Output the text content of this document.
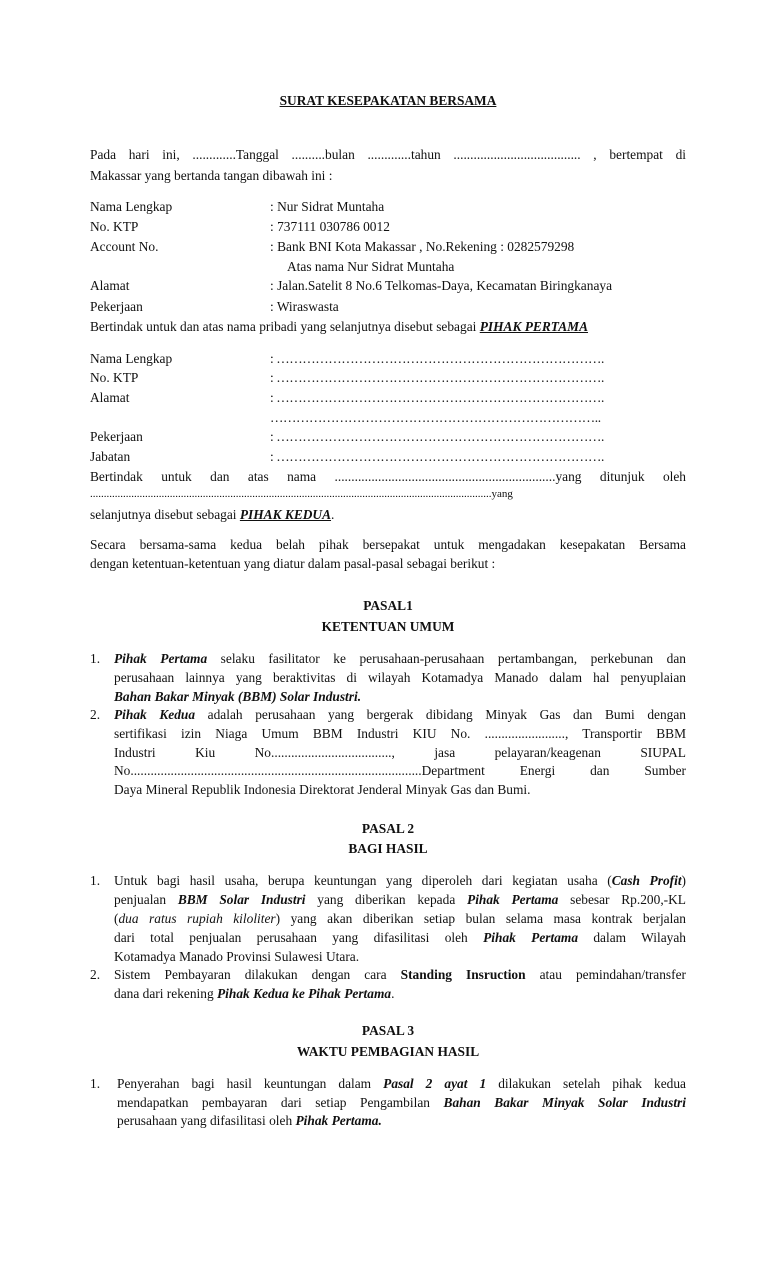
SURAT KESEPAKATAN BERSAMA
Pada hari ini, .............Tanggal ..........bulan .............tahun ...................................... , bertempat di
Makassar yang bertanda tangan dibawah ini :
Nama Lengkap	: Nur Sidrat Muntaha
No. KTP	: 737111 030786 0012
Account No.	: Bank BNI Kota Makassar , No.Rekening : 0282579298
Atas nama Nur Sidrat Muntaha
Alamat	: Jalan.Satelit 8 No.6 Telkomas-Daya, Kecamatan Biringkanaya
Pekerjaan	: Wiraswasta
Bertindak untuk dan atas nama pribadi yang selanjutnya disebut sebagai PIHAK PERTAMA
Nama Lengkap	: ………………………………………………………………….
No. KTP	: ………………………………………………………………….
Alamat	: ………………………………………………………………….
…………………………………………………………………..
Pekerjaan	: ………………………………………………………………….
Jabatan	: ………………………………………………………………….
Bertindak untuk dan atas nama ..................................................................yang ditunjuk oleh
..................................................................................................................................................yang
selanjutnya disebut sebagai PIHAK KEDUA.
Secara bersama-sama kedua belah pihak bersepakat untuk mengadakan kesepakatan Bersama
dengan ketentuan-ketentuan yang diatur dalam pasal-pasal sebagai berikut :
PASAL1
KETENTUAN UMUM
1. Pihak Pertama selaku fasilitator ke perusahaan-perusahaan pertambangan, perkebunan dan
perusahaan lainnya yang beraktivitas di wilayah Kotamadya Manado dalam hal penyuplaian
Bahan Bakar Minyak (BBM) Solar Industri.
2. Pihak Kedua adalah perusahaan yang bergerak dibidang Minyak Gas dan Bumi dengan
sertifikasi izin Niaga Umum BBM Industri KIU No. ........................, Transportir BBM
Industri Kiu No...................................., jasa pelayaran/keagenan SIUPAL
No.......................................................................................Department Energi dan Sumber
Daya Mineral Republik Indonesia Direktorat Jenderal Minyak Gas dan Bumi.
PASAL 2
BAGI HASIL
1. Untuk bagi hasil usaha, berupa keuntungan yang diperoleh dari kegiatan usaha (Cash Profit)
penjualan BBM Solar Industri yang diberikan kepada Pihak Pertama sebesar Rp.200,-KL
(dua ratus rupiah kiloliter) yang akan diberikan setiap bulan selama masa kontrak berjalan
dari total penjualan perusahaan yang difasilitasi oleh Pihak Pertama dalam Wilayah
Kotamadya Manado Provinsi Sulawesi Utara.
2. Sistem Pembayaran dilakukan dengan cara Standing Insruction atau pemindahan/transfer
dana dari rekening Pihak Kedua ke Pihak Pertama.
PASAL 3
WAKTU PEMBAGIAN HASIL
1. Penyerahan bagi hasil keuntungan dalam Pasal 2 ayat 1 dilakukan setelah pihak kedua
mendapatkan pembayaran dari setiap Pengambilan Bahan Bakar Minyak Solar Industri
perusahaan yang difasilitasi oleh Pihak Pertama.
